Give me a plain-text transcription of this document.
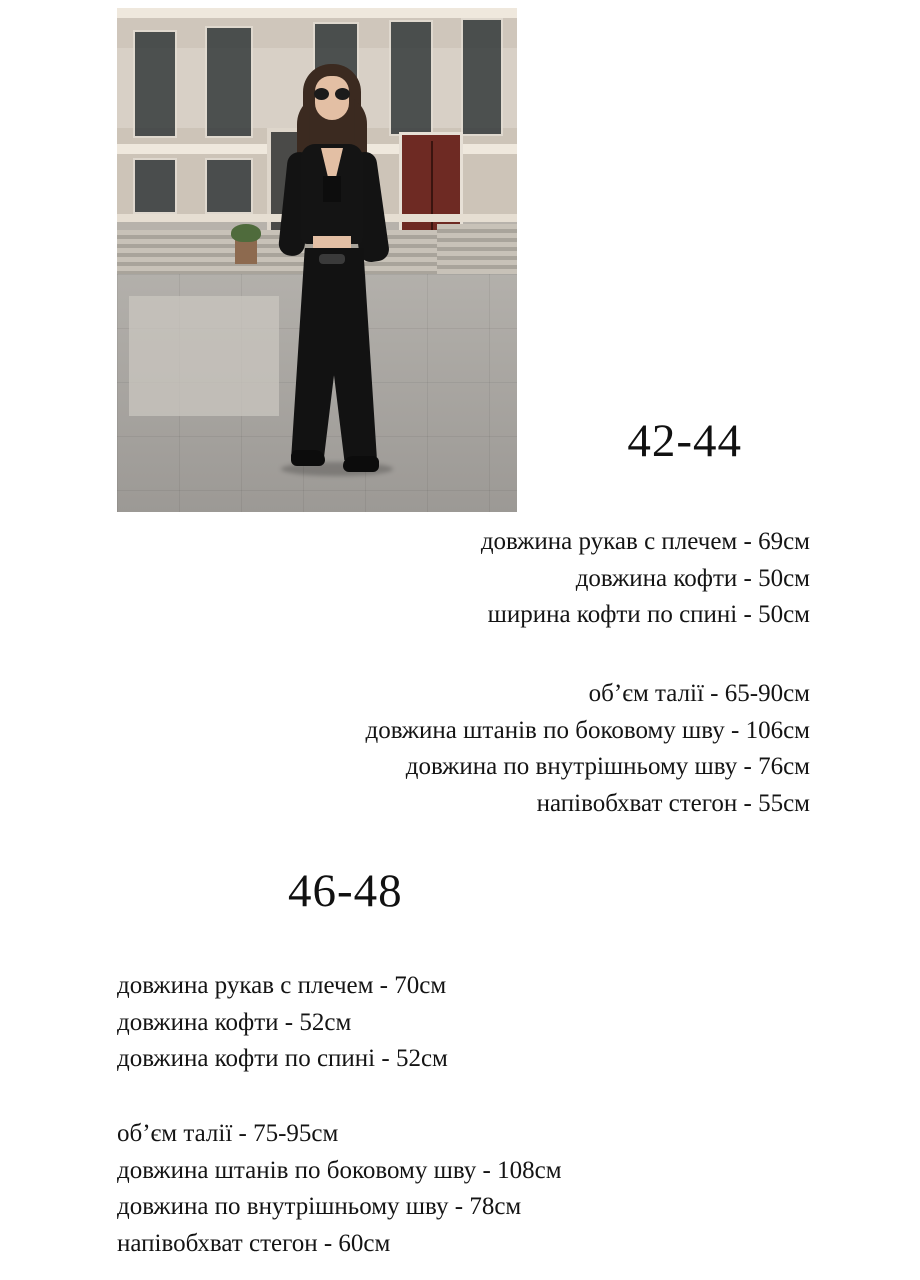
42-44
довжина рукав с плечем - 69см
довжина кофти - 50см
ширина кофти по спині - 50см
об’єм талії - 65-90см
довжина штанів по боковому шву - 106см
довжина по внутрішньому шву - 76см
напівобхват стегон - 55см
46-48
довжина рукав с плечем - 70см
довжина кофти - 52см
довжина кофти по спині - 52см
об’єм талії - 75-95см
довжина штанів по боковому шву - 108см
довжина по внутрішньому шву - 78см
напівобхват стегон - 60см
